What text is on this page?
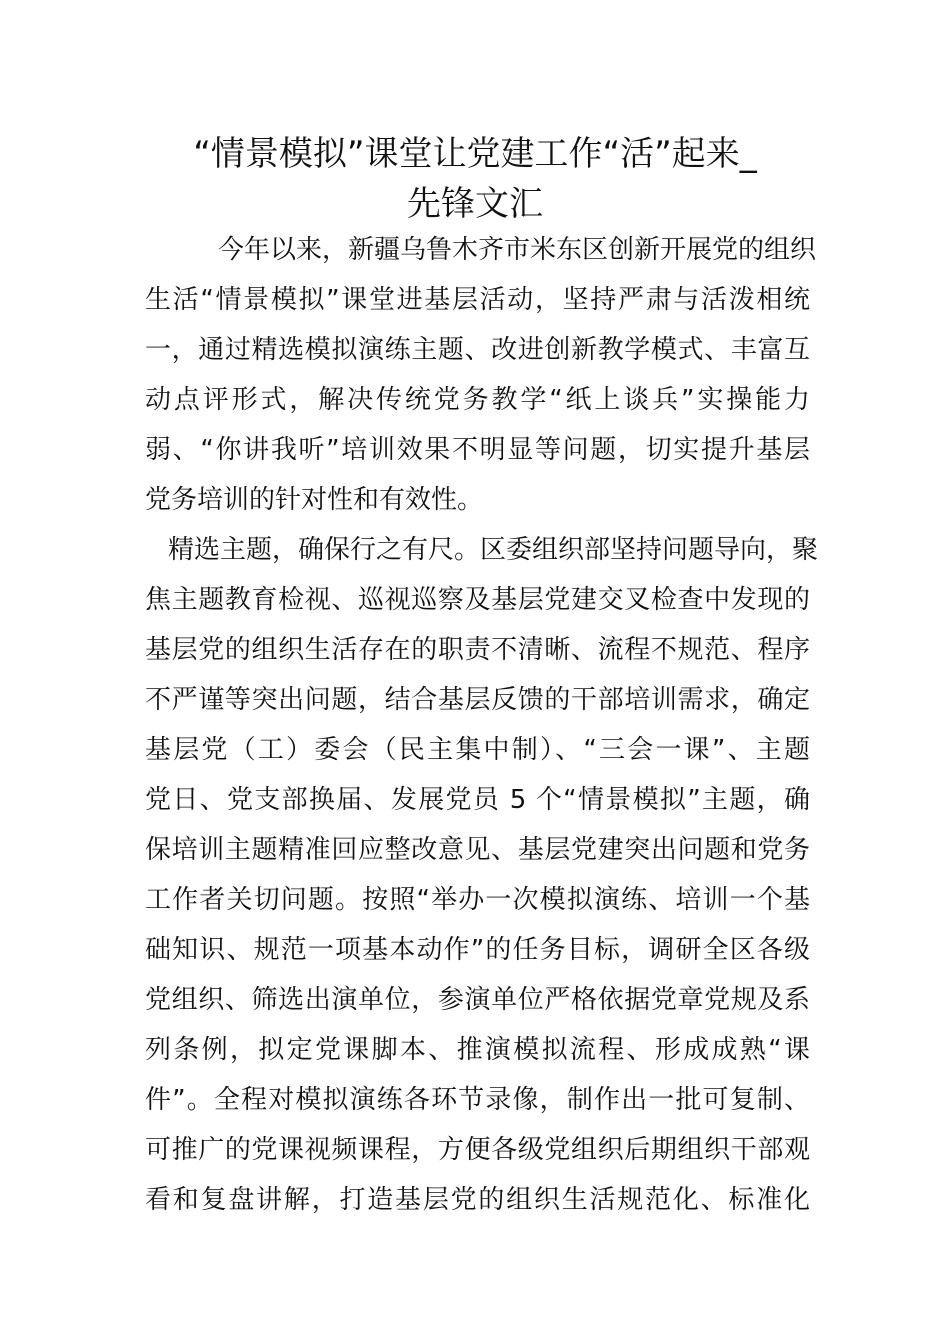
“情景模拟”课堂让党建工作“活”起来_
先锋文汇
今年以来，新疆乌鲁木齐市米东区创新开展党的组织
生活“情景模拟”课堂进基层活动，坚持严肃与活泼相统
一，通过精选模拟演练主题、改进创新教学模式、丰富互
动点评形式，解决传统党务教学“纸上谈兵”实操能力
弱、“你讲我听”培训效果不明显等问题，切实提升基层
党务培训的针对性和有效性。
精选主题，确保行之有尺。区委组织部坚持问题导向，聚
焦主题教育检视、巡视巡察及基层党建交叉检查中发现的
基层党的组织生活存在的职责不清晰、流程不规范、程序
不严谨等突出问题，结合基层反馈的干部培训需求，确定
基层党（工）委会（民主集中制）、“三会一课”、主题
党日、党支部换届、发展党员 5 个“情景模拟”主题，确
保培训主题精准回应整改意见、基层党建突出问题和党务
工作者关切问题。按照“举办一次模拟演练、培训一个基
础知识、规范一项基本动作”的任务目标，调研全区各级
党组织、筛选出演单位，参演单位严格依据党章党规及系
列条例，拟定党课脚本、推演模拟流程、形成成熟“课
件”。全程对模拟演练各环节录像，制作出一批可复制、
可推广的党课视频课程，方便各级党组织后期组织干部观
看和复盘讲解，打造基层党的组织生活规范化、标准化
